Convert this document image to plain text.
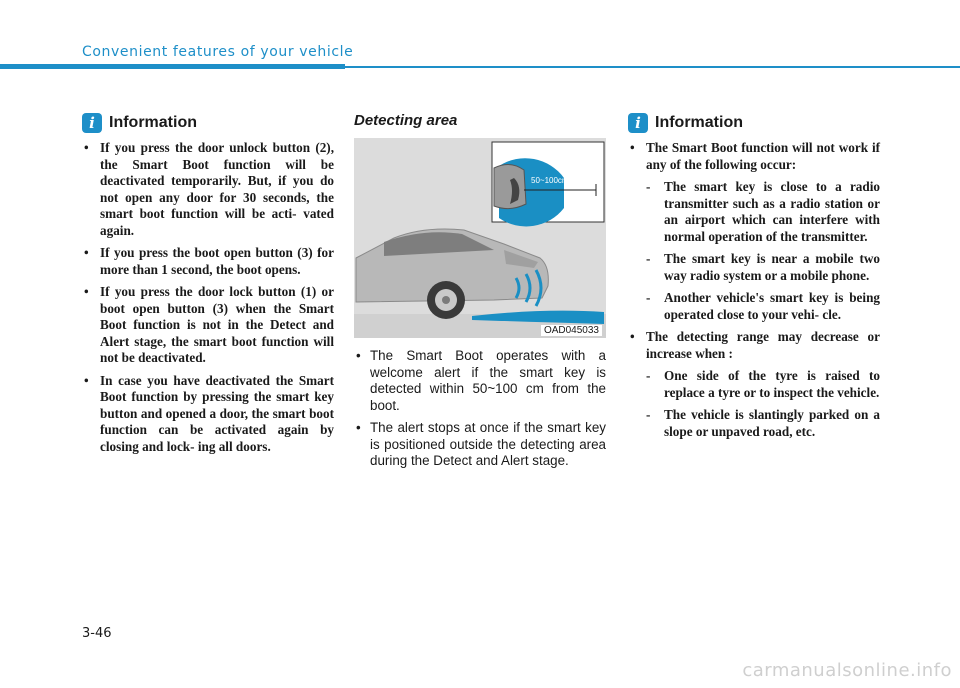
Convenient features of your vehicle
i Information
• If you press the door unlock button (2), the Smart Boot function will be deactivated temporarily. But, if you do not open any door for 30 seconds, the smart boot function will be acti- vated again.
• If you press the boot open button (3) for more than 1 second, the boot opens.
• If you press the door lock button (1) or boot open button (3) when the Smart Boot function is not in the Detect and Alert stage, the smart boot function will not be deactivated.
• In case you have deactivated the Smart Boot function by pressing the smart key button and opened a door, the smart boot function can be activated again by closing and lock- ing all doors.
Detecting area
50~100cm
OAD045033
• The Smart Boot operates with a welcome alert if the smart key is detected within 50~100 cm from the boot.
• The alert stops at once if the smart key is positioned outside the detecting area during the Detect and Alert stage.
i Information
• The Smart Boot function will not work if any of the following occur:
- The smart key is close to a radio transmitter such as a radio station or an airport which can interfere with normal operation of the transmitter.
- The smart key is near a mobile two way radio system or a mobile phone.
- Another vehicle's smart key is being operated close to your vehi- cle.
• The detecting range may decrease or increase when :
- One side of the tyre is raised to replace a tyre or to inspect the vehicle.
- The vehicle is slantingly parked on a slope or unpaved road, etc.
3-46
carmanualsonline.info
